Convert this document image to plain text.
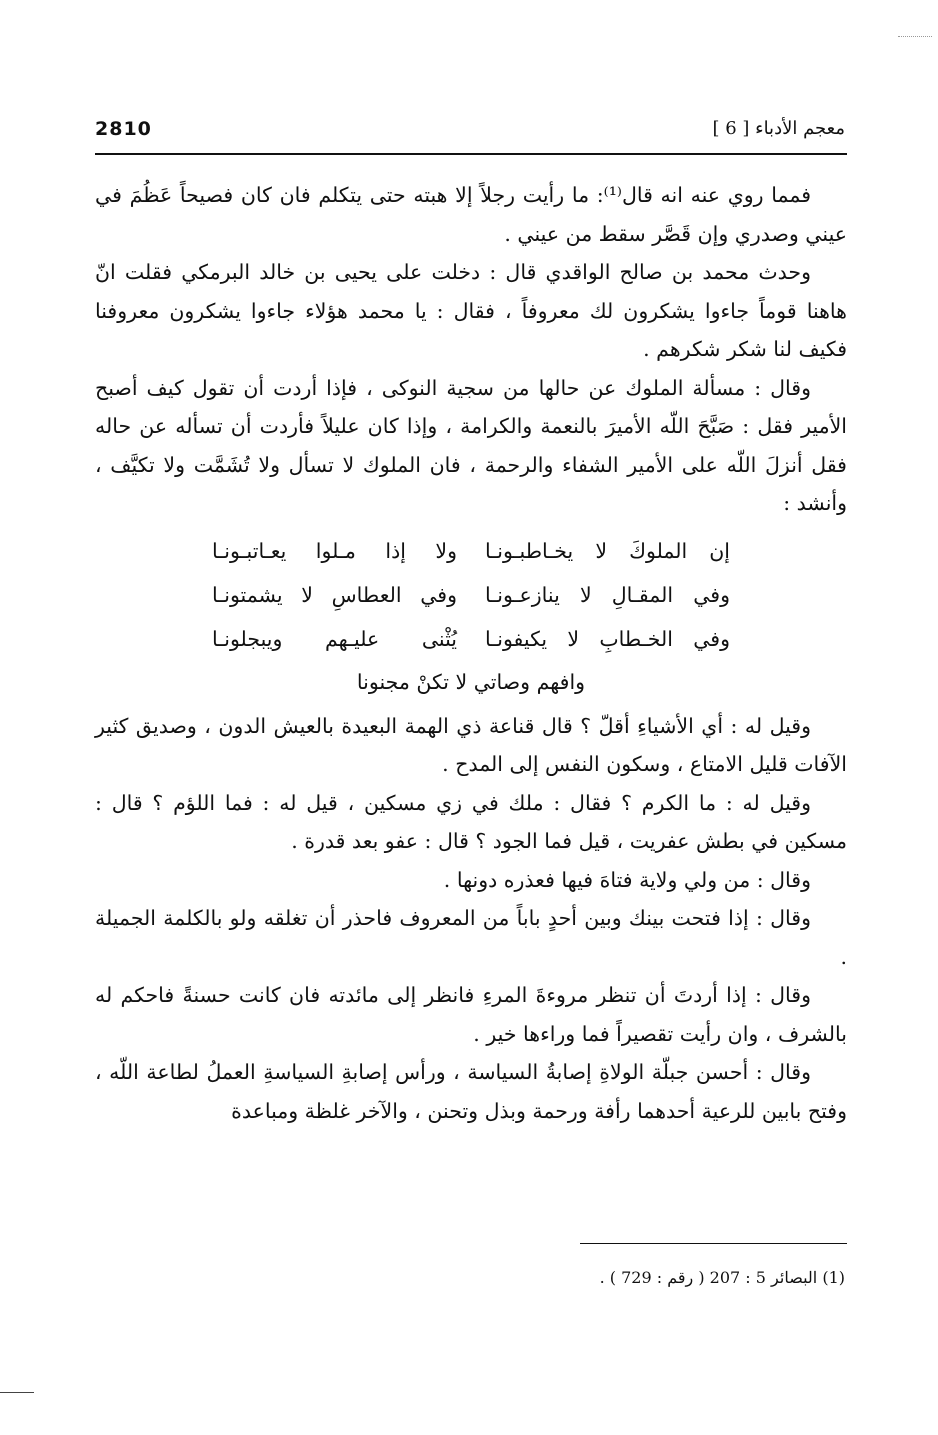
2810	معجم الأدباء [ 6 ]

فمما روي عنه انه قال⁽¹⁾: ما رأيت رجلاً إلا هبته حتى يتكلم فان كان فصيحاً عَظُمَ في عيني وصدري وإن قَصَّر سقط من عيني .

وحدث محمد بن صالح الواقدي قال : دخلت على يحيى بن خالد البرمكي فقلت انّ هاهنا قوماً جاءوا يشكرون لك معروفاً ، فقال : يا محمد هؤلاء جاءوا يشكرون معروفنا فكيف لنا شكر شكرهم .

وقال : مسألة الملوك عن حالها من سجية النوكى ، فإذا أردت أن تقول كيف أصبح الأمير فقل : صَبَّحَ اللّه الأميرَ بالنعمة والكرامة ، وإذا كان عليلاً فأردت أن تسأله عن حاله فقل أنزلَ اللّه على الأمير الشفاء والرحمة ، فان الملوك لا تسأل ولا تُشَمَّت ولا تكيَّف ، وأنشد :

إن الملوكَ لا يخـاطبـونـا
ولا إذا مـلوا يعـاتبـونـا
وفي المقـالِ لا ينازعـونـا
وفي العطاسِ لا يشمتونـا
وفي الخـطابِ لا يكيفونـا
يُثْنى عليـهم ويبجلونـا
وافهم وصاتي لا تكنْ مجنونا

وقيل له : أي الأشياءِ أقلّ ؟ قال قناعة ذي الهمة البعيدة بالعيش الدون ، وصديق كثير الآفات قليل الامتاع ، وسكون النفس إلى المدح .

وقيل له : ما الكرم ؟ فقال : ملك في زي مسكين ، قيل له : فما اللؤم ؟ قال : مسكين في بطش عفريت ، قيل فما الجود ؟ قال : عفو بعد قدرة .

وقال : من ولي ولاية فتاهَ فيها فعذره دونها .

وقال : إذا فتحت بينك وبين أحدٍ باباً من المعروف فاحذر أن تغلقه ولو بالكلمة الجميلة .

وقال : إذا أردتَ أن تنظر مروءةَ المرءِ فانظر إلى مائدته فان كانت حسنةً فاحكم له بالشرف ، وان رأيت تقصيراً فما وراءها خير .

وقال : أحسن جبلّة الولاةِ إصابةُ السياسة ، ورأس إصابةِ السياسةِ العملُ لطاعة اللّه ، وفتح بابين للرعية أحدهما رأفة ورحمة وبذل وتحنن ، والآخر غلظة ومباعدة

(1) البصائر 5 : 207 ( رقم : 729 ) .
